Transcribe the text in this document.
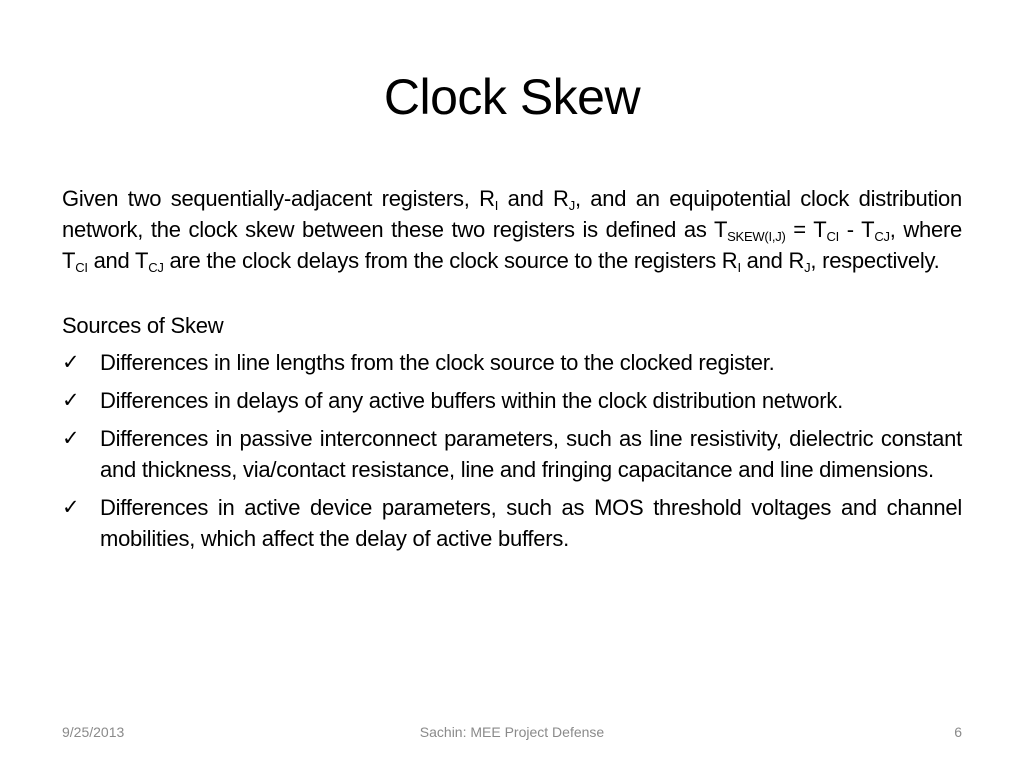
Clock Skew

Given two sequentially-adjacent registers, $R_I$ and $R_J$, and an equipotential clock distribution network, the clock skew between these two registers is defined as $T_{SKEW(I,J)} = T_{CI} - T_{CJ}$, where $T_{CI}$ and $T_{CJ}$ are the clock delays from the clock source to the registers $R_I$ and $R_J$, respectively.

Sources of Skew
✓ Differences in line lengths from the clock source to the clocked register.
✓ Differences in delays of any active buffers within the clock distribution network.
✓ Differences in passive interconnect parameters, such as line resistivity, dielectric constant and thickness, via/contact resistance, line and fringing capacitance and line dimensions.
✓ Differences in active device parameters, such as MOS threshold voltages and channel mobilities, which affect the delay of active buffers.
9/25/2013	Sachin: MEE Project Defense	6
